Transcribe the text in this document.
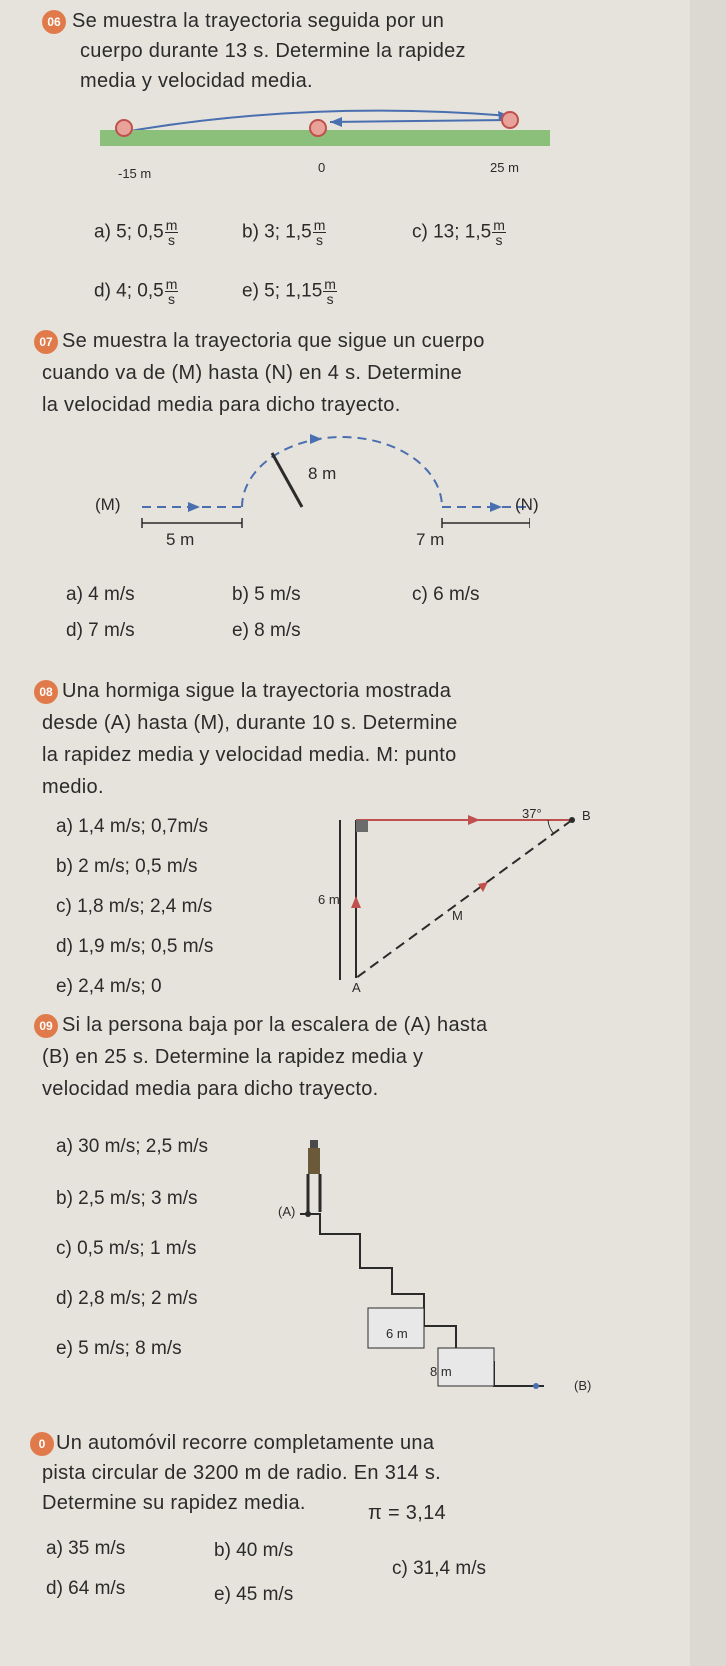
06 Se muestra la trayectoria seguida por un
cuerpo durante 13 s. Determine la rapidez
media y velocidad media.
-15 m	0	25 m
a) 5; $0,5 \frac{m}{s}$	b) 3; $1,5 \frac{m}{s}$	c) 13; $1,5 \frac{m}{s}$
d) 4; $0,5 \frac{m}{s}$	e) 5; $1,15 \frac{m}{s}$
07 Se muestra la trayectoria que sigue un cuerpo
cuando va de (M) hasta (N) en 4 s. Determine
la velocidad media para dicho trayecto.
(M)	(N)
8 m
5 m	7 m
a) 4 m/s	b) 5 m/s	c) 6 m/s
d) 7 m/s	e) 8 m/s
08 Una hormiga sigue la trayectoria mostrada
desde (A) hasta (M), durante 10 s. Determine
la rapidez media y velocidad media. M: punto
medio.
a) 1,4 m/s; 0,7m/s
b) 2 m/s; 0,5 m/s
c) 1,8 m/s; 2,4 m/s
d) 1,9 m/s; 0,5 m/s
e) 2,4 m/s; 0
B
37°
6 m
M
A
09 Si la persona baja por la escalera de (A) hasta
(B) en 25 s. Determine la rapidez media y
velocidad media para dicho trayecto.
a) 30 m/s; 2,5 m/s
b) 2,5 m/s; 3 m/s
c) 0,5 m/s; 1 m/s
d) 2,8 m/s; 2 m/s
e) 5 m/s; 8 m/s
(A)
(B)
6 m
8 m
0 Un automóvil recorre completamente una
pista circular de 3200 m de radio. En 314 s.
Determine su rapidez media.	π = 3,14
a) 35 m/s	b) 40 m/s
c) 31,4 m/s
d) 64 m/s	e) 45 m/s
